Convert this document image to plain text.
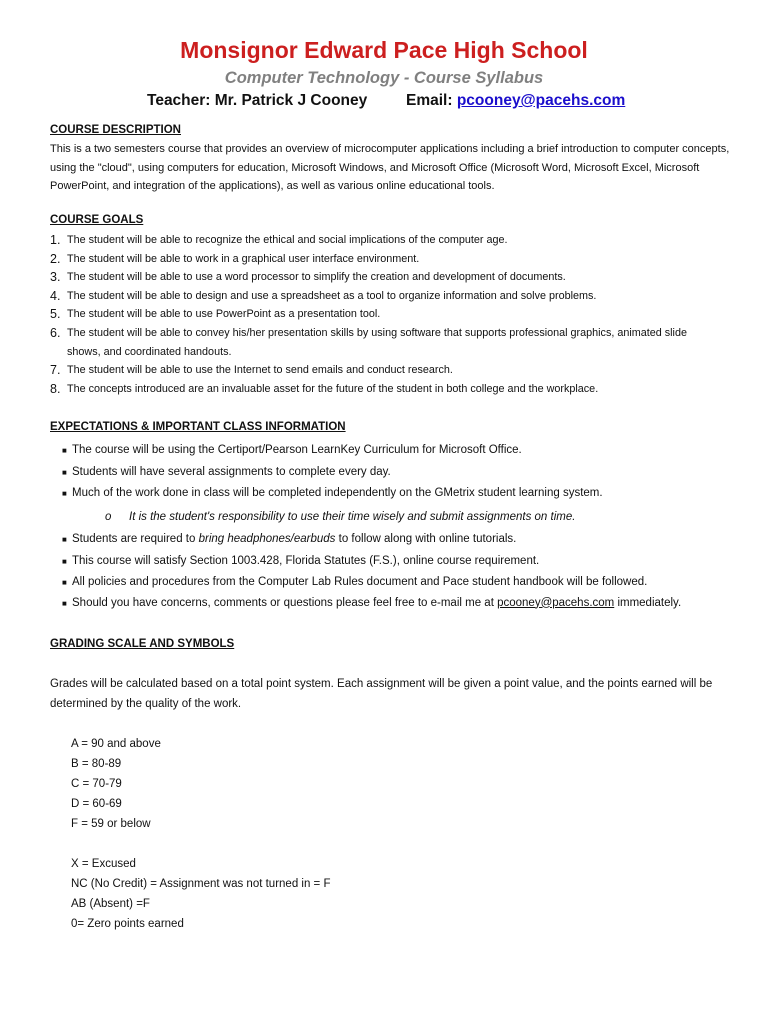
Monsignor Edward Pace High School
Computer Technology - Course Syllabus
Teacher: Mr. Patrick J Cooney	Email: pcooney@pacehs.com
COURSE DESCRIPTION
This is a two semesters course that provides an overview of microcomputer applications including a brief introduction to computer concepts, using the "cloud", using computers for education, Microsoft Windows, and Microsoft Office (Microsoft Word, Microsoft Excel, Microsoft PowerPoint, and integration of the applications), as well as various online educational tools.
COURSE GOALS
1. The student will be able to recognize the ethical and social implications of the computer age.
2. The student will be able to work in a graphical user interface environment.
3. The student will be able to use a word processor to simplify the creation and development of documents.
4. The student will be able to design and use a spreadsheet as a tool to organize information and solve problems.
5. The student will be able to use PowerPoint as a presentation tool.
6. The student will be able to convey his/her presentation skills by using software that supports professional graphics, animated slide shows, and coordinated handouts.
7. The student will be able to use the Internet to send emails and conduct research.
8. The concepts introduced are an invaluable asset for the future of the student in both college and the workplace.
EXPECTATIONS & IMPORTANT CLASS INFORMATION
■ The course will be using the Certiport/Pearson LearnKey Curriculum for Microsoft Office.
■ Students will have several assignments to complete every day.
■ Much of the work done in class will be completed independently on the GMetrix student learning system.
o It is the student's responsibility to use their time wisely and submit assignments on time.
■ Students are required to bring headphones/earbuds to follow along with online tutorials.
■ This course will satisfy Section 1003.428, Florida Statutes (F.S.), online course requirement.
■ All policies and procedures from the Computer Lab Rules document and Pace student handbook will be followed.
■ Should you have concerns, comments or questions please feel free to e-mail me at pcooney@pacehs.com immediately.
GRADING SCALE AND SYMBOLS
Grades will be calculated based on a total point system. Each assignment will be given a point value, and the points earned will be determined by the quality of the work.
A = 90 and above
B = 80-89
C = 70-79
D = 60-69
F = 59 or below
X = Excused
NC (No Credit) = Assignment was not turned in = F
AB (Absent) =F
0= Zero points earned
